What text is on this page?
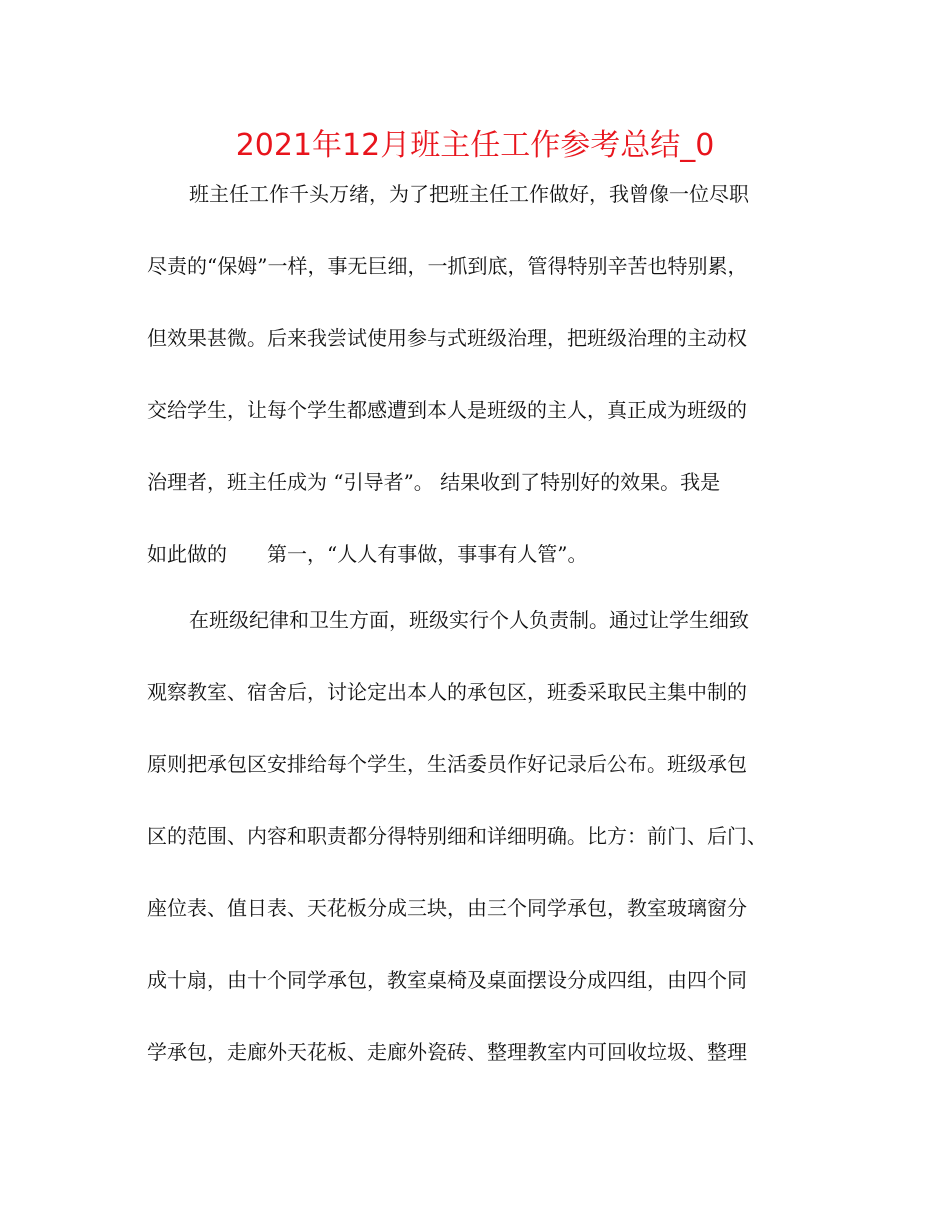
2021年12月班主任工作参考总结_0

班主任工作千头万绪，为了把班主任工作做好，我曾像一位尽职

尽责的“保姆”一样，事无巨细，一抓到底，管得特别辛苦也特别累，

但效果甚微。后来我尝试使用参与式班级治理，把班级治理的主动权

交给学生，让每个学生都感遭到本人是班级的主人，真正成为班级的

治理者，班主任成为 “引导者”。 结果收到了特别好的效果。我是

如此做的　　第一，“人人有事做，事事有人管”。

在班级纪律和卫生方面，班级实行个人负责制。通过让学生细致

观察教室、宿舍后，讨论定出本人的承包区，班委采取民主集中制的

原则把承包区安排给每个学生，生活委员作好记录后公布。班级承包

区的范围、内容和职责都分得特别细和详细明确。比方：前门、后门、

座位表、值日表、天花板分成三块，由三个同学承包，教室玻璃窗分

成十扇，由十个同学承包，教室桌椅及桌面摆设分成四组，由四个同

学承包，走廊外天花板、走廊外瓷砖、整理教室内可回收垃圾、整理
